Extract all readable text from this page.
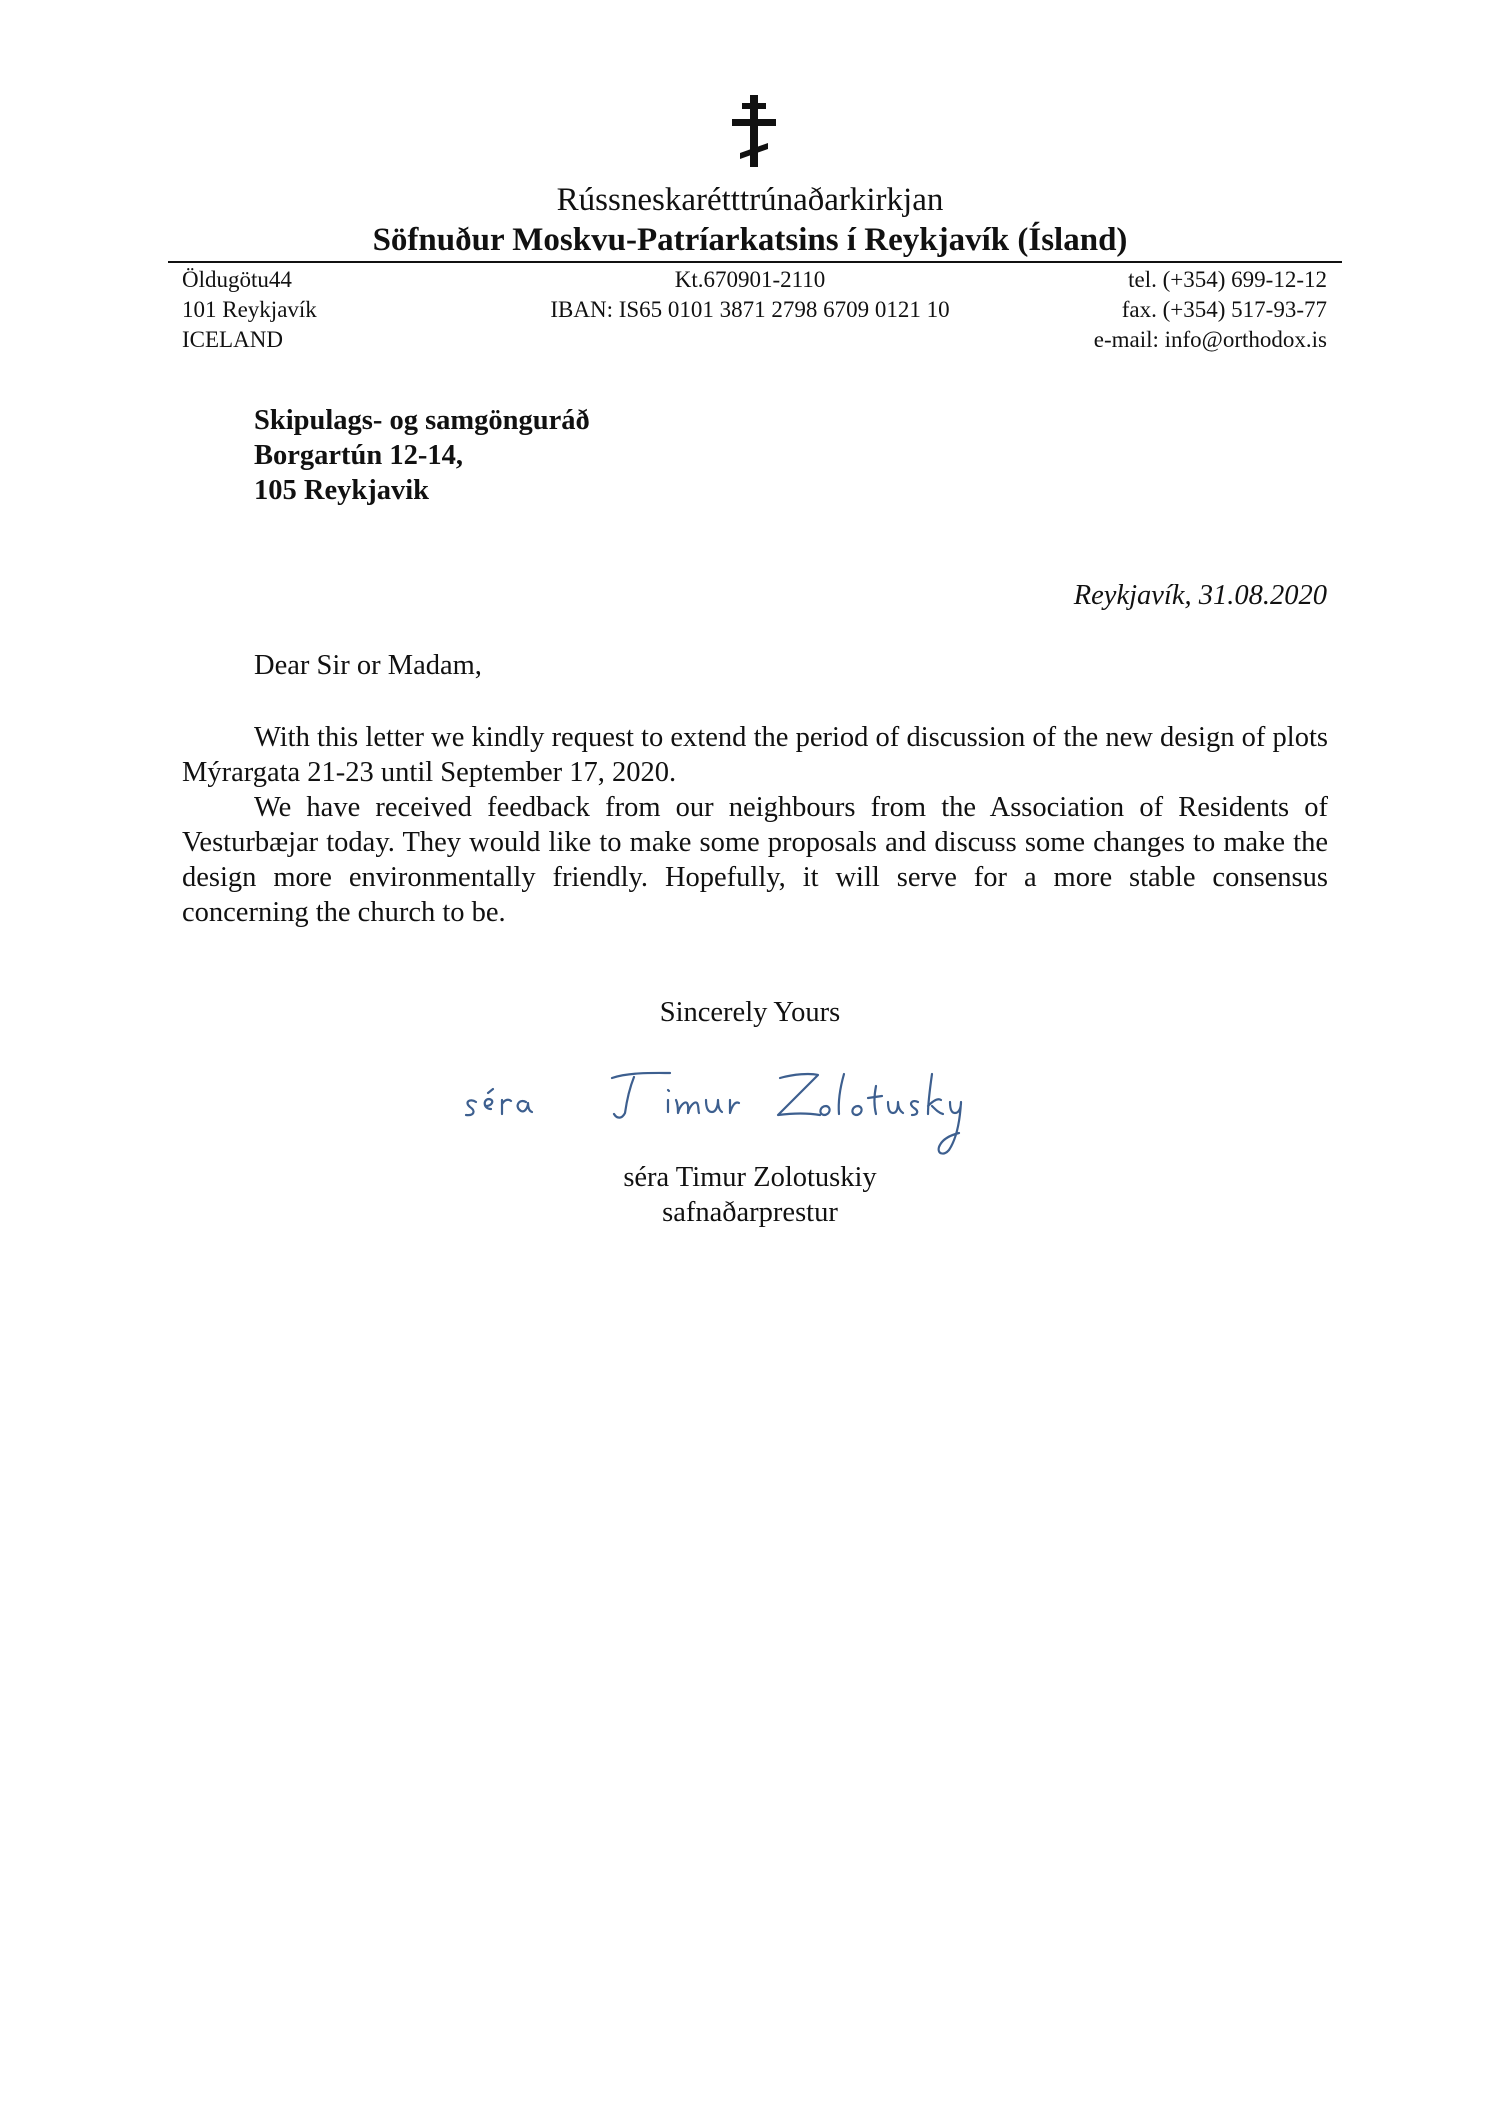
Rússneskarétttrúnaðarkirkjan
Söfnuður Moskvu-Patríarkatsins í Reykjavík (Ísland)
Öldugötu44
101 Reykjavík
ICELAND
Kt.670901-2110
IBAN: IS65 0101 3871 2798 6709 0121 10
tel. (+354) 699-12-12
fax. (+354) 517-93-77
e-mail: info@orthodox.is
Skipulags- og samgönguráð
Borgartún 12-14,
105 Reykjavik
Reykjavík, 31.08.2020
Dear Sir or Madam,

With this letter we kindly request to extend the period of discussion of the new design of plots Mýrargata 21-23 until September 17, 2020.

We have received feedback from our neighbours from the Association of Residents of Vesturbæjar today. They would like to make some proposals and discuss some changes to make the design more environmentally friendly. Hopefully, it will serve for a more stable consensus concerning the church to be.

Sincerely Yours
séra Timur Zolotuskiy
safnaðarprestur
